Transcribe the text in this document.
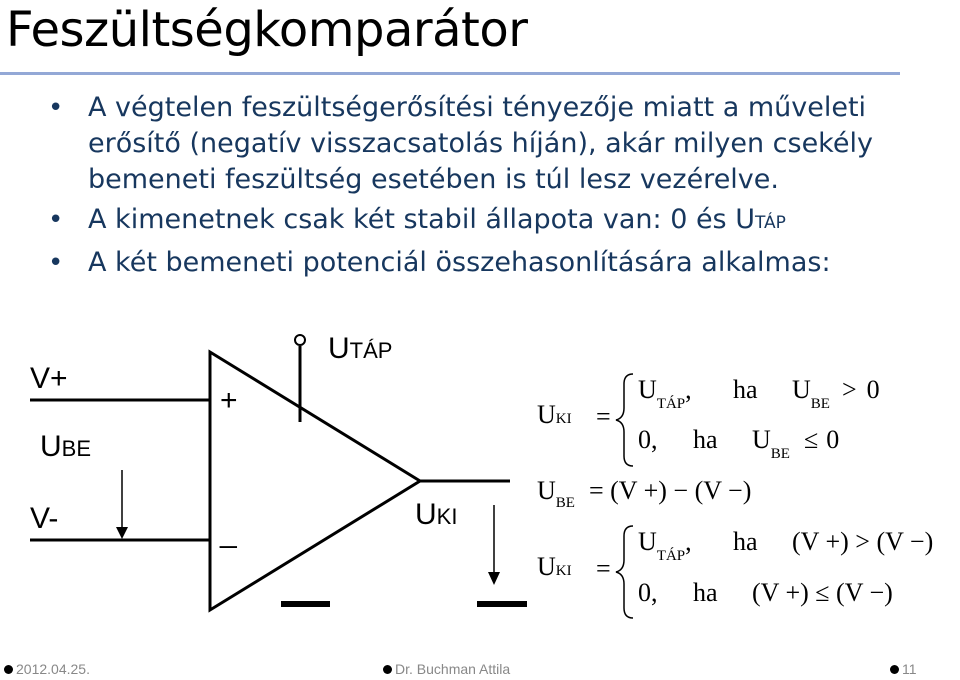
Feszültségkomparátor
• A végtelen feszültségerősítési tényezője miatt a műveleti erősítő (negatív visszacsatolás híján), akár milyen csekély bemeneti feszültség esetében is túl lesz vezérelve.
• A kimenetnek csak két stabil állapota van: 0 és UTÁP
• A két bemeneti potenciál összehasonlítására alkalmas:
UTÁP
V+
V-
UBE
+
_
UKI
UKI =
$U_{TÁP}$, ha $U_{BE} > 0$
0, ha $U_{BE} \le 0$
$U_{BE} = (V$ +) − (V −)
UKI =
$U_{TÁP}$, ha (V +) > (V −)
0, ha (V +) ≤ (V −)
2012.04.25.	Dr. Buchman Attila	11
